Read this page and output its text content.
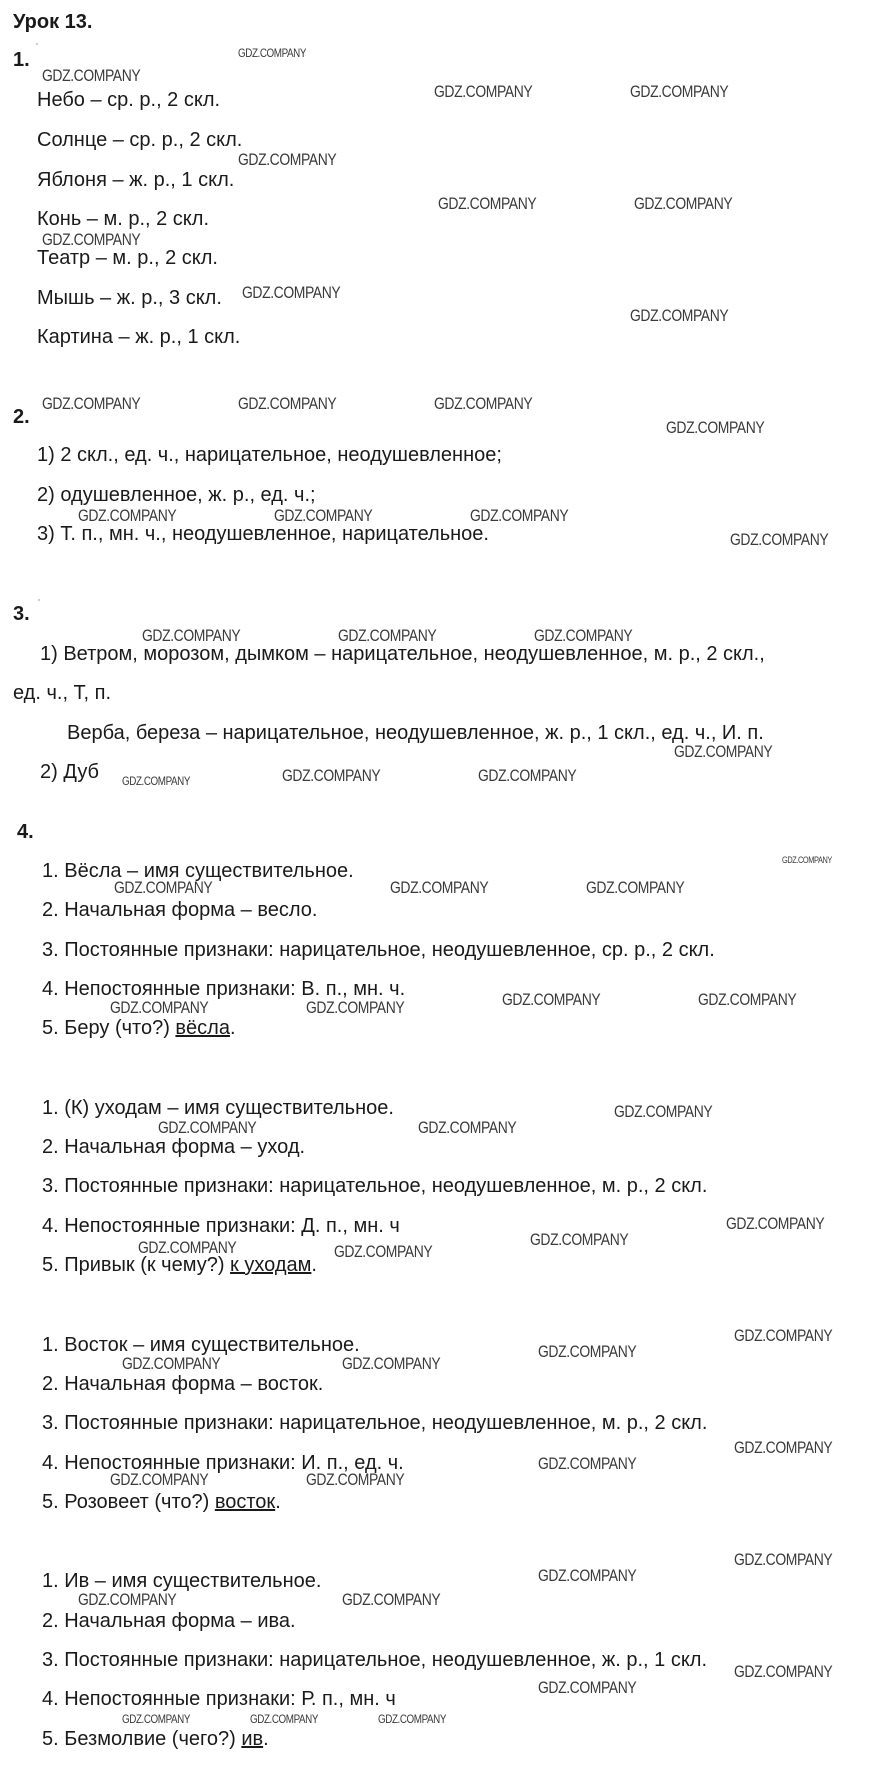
Урок 13.
1.
'
Небо – ср. р., 2 скл.
Солнце – ср. р., 2 скл.
Яблоня – ж. р., 1 скл.
Конь – м. р., 2 скл.
Театр – м. р., 2 скл.
Мышь – ж. р., 3 скл.
Картина – ж. р., 1 скл.
2.
1) 2 скл., ед. ч., нарицательное, неодушевленное;
2) одушевленное, ж. р., ед. ч.;
3) Т. п., мн. ч., неодушевленное, нарицательное.
3. '
1) Ветром, морозом, дымком – нарицательное, неодушевленное, м. р., 2 скл.,
ед. ч., Т, п.
Верба, береза – нарицательное, неодушевленное, ж. р., 1 скл., ед. ч., И. п.
2) Дуб
4.
1. Вёсла – имя существительное.
2. Начальная форма – весло.
3. Постоянные признаки: нарицательное, неодушевленное, ср. р., 2 скл.
4. Непостоянные признаки: В. п., мн. ч.
5. Беру (что?) вёсла.
1. (К) уходам – имя существительное.
2. Начальная форма – уход.
3. Постоянные признаки: нарицательное, неодушевленное, м. р., 2 скл.
4. Непостоянные признаки: Д. п., мн. ч
5. Привык (к чему?) к уходам.
1. Восток – имя существительное.
2. Начальная форма – восток.
3. Постоянные признаки: нарицательное, неодушевленное, м. р., 2 скл.
4. Непостоянные признаки: И. п., ед. ч.
5. Розовеет (что?) восток.
1. Ив – имя существительное.
2. Начальная форма – ива.
3. Постоянные признаки: нарицательное, неодушевленное, ж. р., 1 скл.
4. Непостоянные признаки: Р. п., мн. ч
5. Безмолвие (чего?) ив.
GDZ.COMPANY
GDZ.COMPANY
GDZ.COMPANY	GDZ.COMPANY
GDZ.COMPANY
GDZ.COMPANY	GDZ.COMPANY
GDZ.COMPANY
GDZ.COMPANY
GDZ.COMPANY
GDZ.COMPANY	GDZ.COMPANY	GDZ.COMPANY
GDZ.COMPANY
GDZ.COMPANY	GDZ.COMPANY	GDZ.COMPANY
GDZ.COMPANY
GDZ.COMPANY	GDZ.COMPANY	GDZ.COMPANY
GDZ.COMPANY
GDZ.COMPANY	GDZ.COMPANY	GDZ.COMPANY
GDZ.COMPANY
GDZ.COMPANY	GDZ.COMPANY	GDZ.COMPANY
GDZ.COMPANY	GDZ.COMPANY
GDZ.COMPANY	GDZ.COMPANY
GDZ.COMPANY
GDZ.COMPANY	GDZ.COMPANY
GDZ.COMPANY
GDZ.COMPANY
GDZ.COMPANY	GDZ.COMPANY
GDZ.COMPANY
GDZ.COMPANY
GDZ.COMPANY	GDZ.COMPANY
GDZ.COMPANY
GDZ.COMPANY
GDZ.COMPANY	GDZ.COMPANY
GDZ.COMPANY
GDZ.COMPANY
GDZ.COMPANY	GDZ.COMPANY
GDZ.COMPANY
GDZ.COMPANY
GDZ.COMPANY	GDZ.COMPANY	GDZ.COMPANY
